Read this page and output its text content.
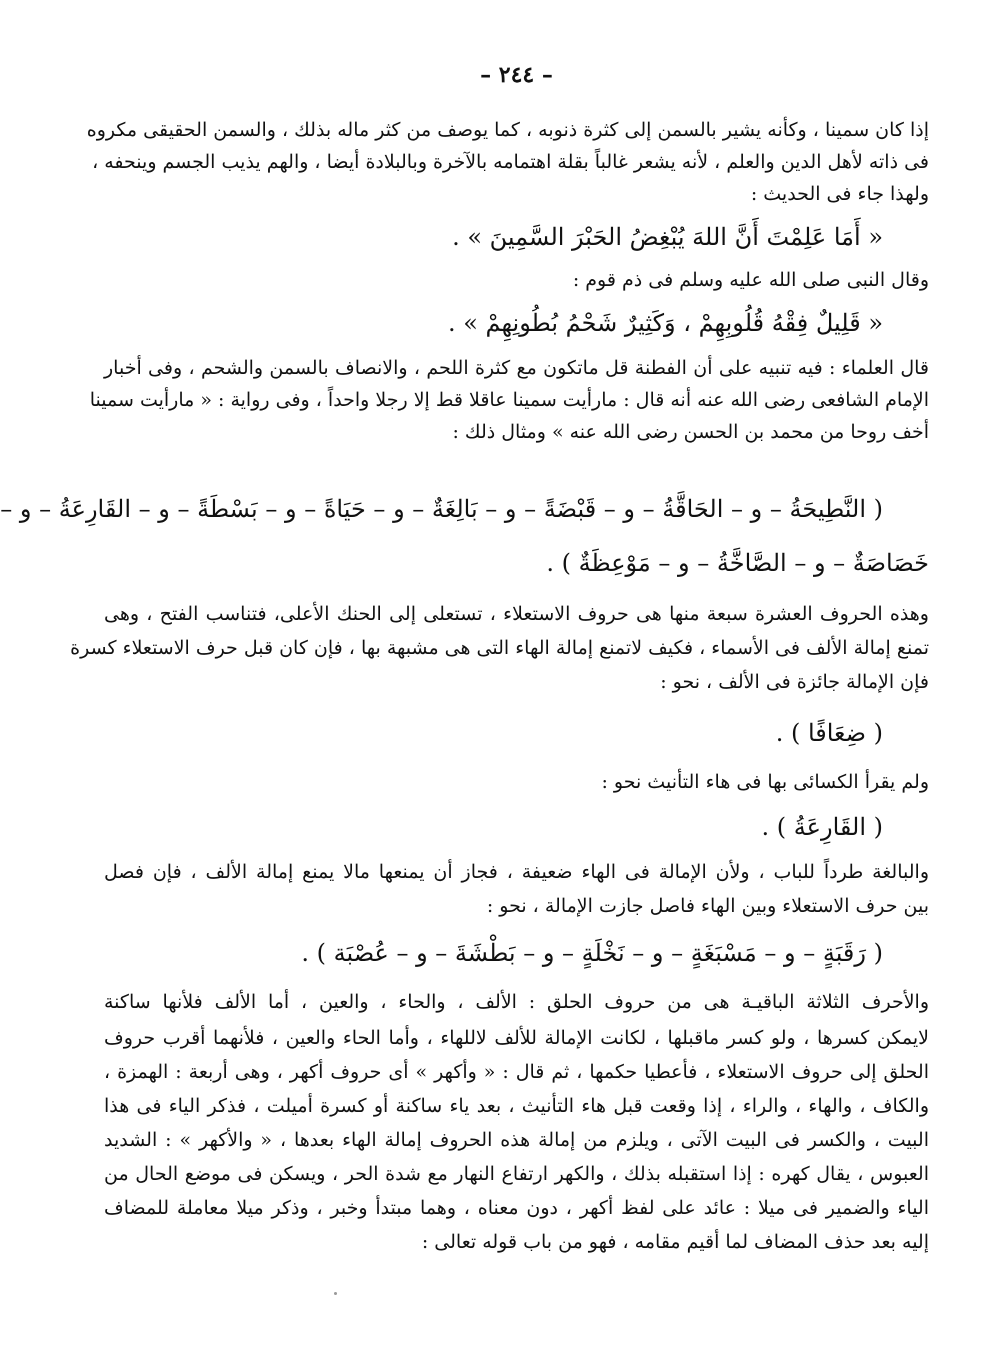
– ٢٤٤ –
إذا كان سمينا ، وكأنه يشير بالسمن إلى كثرة ذنوبه ، كما يوصف من كثر ماله بذلك ، والسمن الحقيقى مكروه
فى ذاته لأهل الدين والعلم ، لأنه يشعر غالباً بقلة اهتمامه بالآخرة وبالبلادة أيضا ، والهم يذيب الجسم وينحفه ،
ولهذا جاء فى الحديث :
« أَمَا عَلِمْتَ أَنَّ اللهَ يُبْغِضُ الحَبْرَ السَّمِينَ » .
وقال النبى صلى الله عليه وسلم فى ذم قوم :
« قَلِيلٌ فِقْهُ قُلُوبِهِمْ ، وَكَثِيرٌ شَحْمُ بُطُونِهِمْ » .
قال العلماء : فيه تنبيه على أن الفطنة قل ماتكون مع كثرة اللحم ، والانصاف بالسمن والشحم ، وفى أخبار
الإمام الشافعى رضى الله عنه أنه قال : مارأيت سمينا عاقلا قط إلا رجلا واحداً ، وفى رواية : « مارأيت سمينا
أخف روحا من محمد بن الحسن رضى الله عنه » ومثال ذلك :
( النَّطِيحَةُ – و – الحَاقَّةُ – و – قَبْضَةً – و – بَالِغَةٌ – و – حَيَاةً – و – بَسْطَةً – و – القَارِعَةُ – و –
خَصَاصَةٌ – و – الصَّاخَّةُ – و – مَوْعِظَةٌ ) .
وهذه الحروف العشرة سبعة منها هى حروف الاستعلاء ، تستعلى إلى الحنك الأعلى، فتناسب الفتح ، وهى
تمنع إمالة الألف فى الأسماء ، فكيف لاتمنع إمالة الهاء التى هى مشبهة بها ، فإن كان قبل حرف الاستعلاء كسرة
فإن الإمالة جائزة فى الألف ، نحو :
( ضِعَافًا ) .
ولم يقرأ الكسائى بها فى هاء التأنيث نحو :
( القَارِعَةُ ) .
والبالغة طرداً للباب ، ولأن الإمالة فى الهاء ضعيفة ، فجاز أن يمنعها مالا يمنع إمالة الألف ، فإن فصل
بين حرف الاستعلاء وبين الهاء فاصل جازت الإمالة ، نحو :
( رَقَبَةٍ – و – مَسْبَغَةٍ – و – نَخْلَةٍ – و – بَطْشَةَ – و – عُصْبَة ) .
والأحرف الثلاثة الباقيـة هى من حروف الحلق : الألف ، والحاء ، والعين ، أما الألف فلأنها ساكنة
لايمكن كسرها ، ولو كسر ماقبلها ، لكانت الإمالة للألف لاللهاء ، وأما الحاء والعين ، فلأنهما أقرب حروف
الحلق إلى حروف الاستعلاء ، فأعطيا حكمها ، ثم قال : « وأكهر » أى حروف أكهر ، وهى أربعة : الهمزة ،
والكاف ، والهاء ، والراء ، إذا وقعت قبل هاء التأنيث ، بعد ياء ساكنة أو كسرة أميلت ، فذكر الياء فى هذا
البيت ، والكسر فى البيت الآتى ، ويلزم من إمالة هذه الحروف إمالة الهاء بعدها ، « والأكهر » : الشديد
العبوس ، يقال كهره : إذا استقبله بذلك ، والكهر ارتفاع النهار مع شدة الحر ، ويسكن فى موضع الحال من
الياء والضمير فى ميلا : عائد على لفظ أكهر ، دون معناه ، وهما مبتدأ وخبر ، وذكر ميلا معاملة للمضاف
إليه بعد حذف المضاف لما أقيم مقامه ، فهو من باب قوله تعالى :
